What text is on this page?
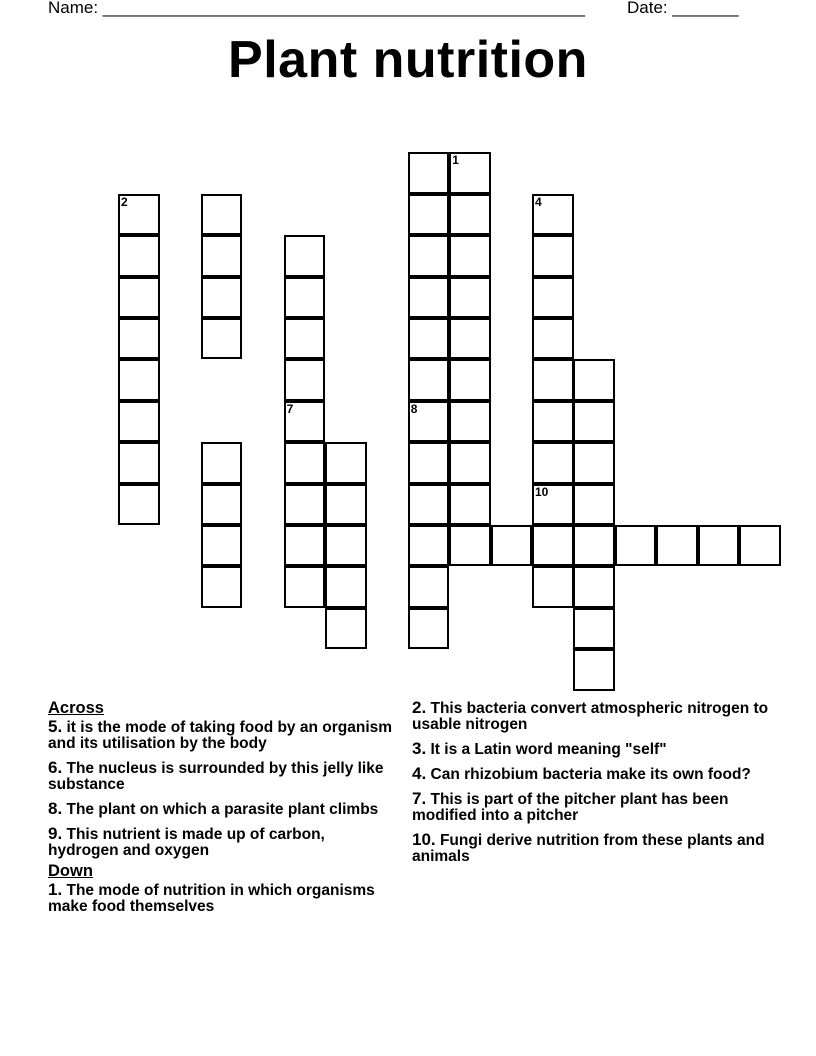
Name: ___________________________________________________ Date: _______
Plant nutrition
1
2
7
4
10
8
Across
5. it is the mode of taking food by an organism and its utilisation by the body
6. The nucleus is surrounded by this jelly like substance
8. The plant on which a parasite plant climbs
9. This nutrient is made up of carbon, hydrogen and oxygen
Down
1. The mode of nutrition in which organisms make food themselves
2. This bacteria convert atmospheric nitrogen to usable nitrogen
3. It is a Latin word meaning "self"
4. Can rhizobium bacteria make its own food?
7. This is part of the pitcher plant has been modified into a pitcher
10. Fungi derive nutrition from these plants and animals
